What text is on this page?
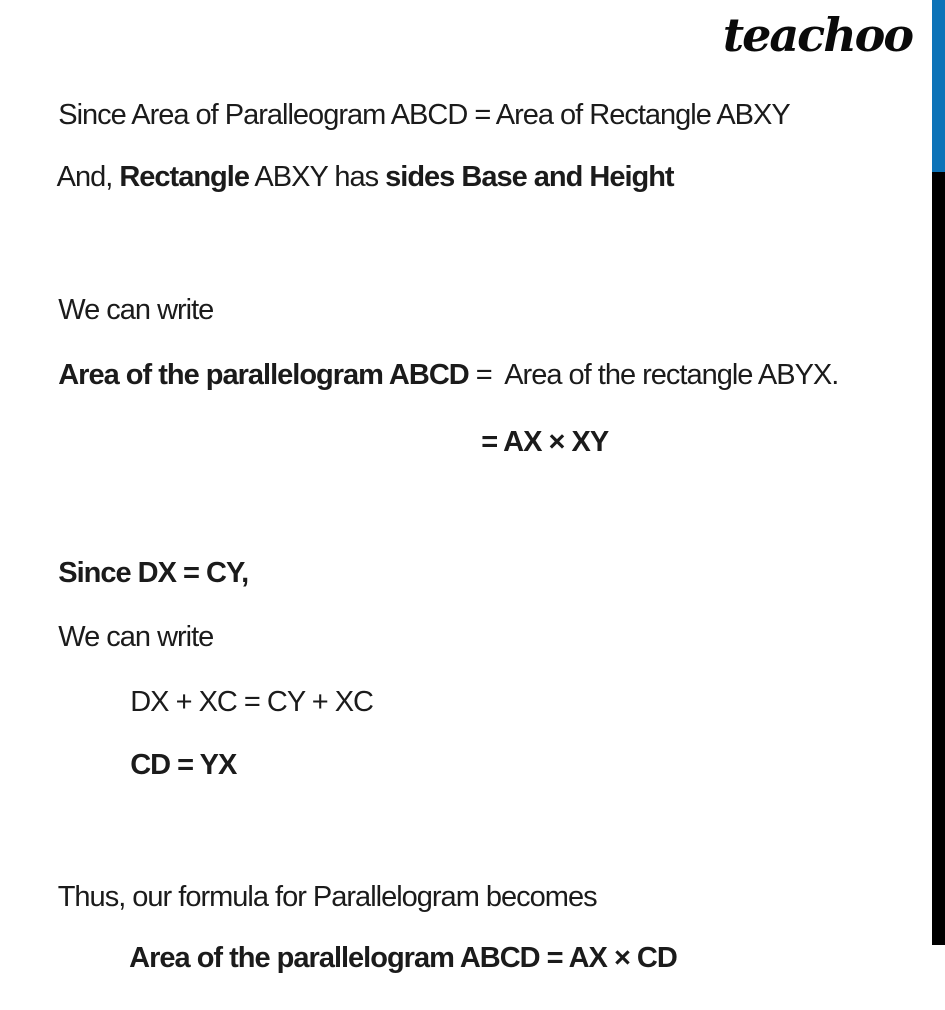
teachoo

Since Area of Paralleogram ABCD = Area of Rectangle ABXY

And, Rectangle ABXY has sides Base and Height

We can write

Area of the parallelogram ABCD =  Area of the rectangle ABYX.

= AX × XY

Since DX = CY,

We can write

DX + XC = CY + XC

CD = YX

Thus, our formula for Parallelogram becomes

Area of the parallelogram ABCD = AX × CD
